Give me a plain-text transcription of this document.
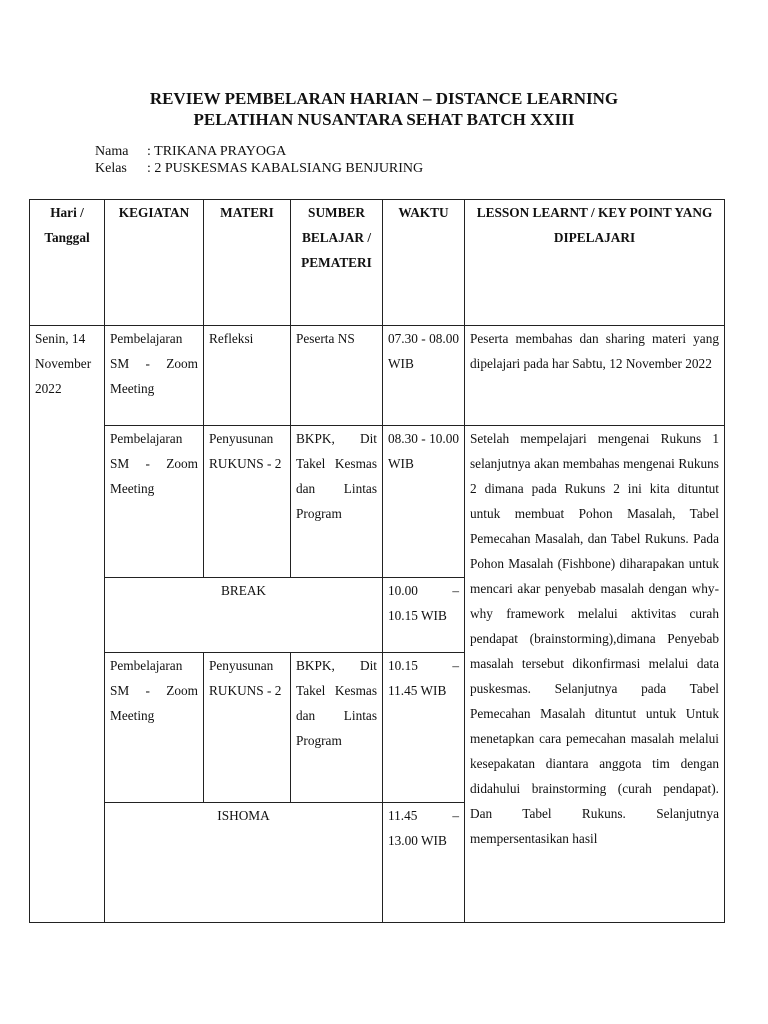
REVIEW PEMBELARAN HARIAN – DISTANCE LEARNING
PELATIHAN NUSANTARA SEHAT BATCH XXIII
Nama : TRIKANA PRAYOGA
Kelas : 2 PUSKESMAS KABALSIANG BENJURING
Hari / Tanggal	KEGIATAN	MATERI	SUMBER BELAJAR / PEMATERI	WAKTU	LESSON LEARNT / KEY POINT YANG DIPELAJARI
Senin, 14 November 2022	Pembelajaran SM - Zoom Meeting	Refleksi	Peserta NS	07.30 - 08.00 WIB	Peserta membahas dan sharing materi yang dipelajari pada har Sabtu, 12 November 2022
	Pembelajaran SM - Zoom Meeting	Penyusunan RUKUNS - 2	BKPK, Dit Takel Kesmas dan Lintas Program	08.30 - 10.00 WIB	Setelah mempelajari mengenai Rukuns 1 selanjutnya akan membahas mengenai Rukuns 2 dimana pada Rukuns 2 ini kita dituntut untuk membuat Pohon Masalah, Tabel Pemecahan Masalah, dan Tabel Rukuns. Pada Pohon Masalah (Fishbone) diharapakan untuk mencari akar penyebab masalah dengan why-why framework melalui aktivitas curah pendapat (brainstorming),dimana Penyebab masalah tersebut dikonfirmasi melalui data puskesmas. Selanjutnya pada Tabel Pemecahan Masalah dituntut untuk Untuk menetapkan cara pemecahan masalah melalui kesepakatan diantara anggota tim dengan didahului brainstorming (curah pendapat). Dan Tabel Rukuns. Selanjutnya mempersentasikan hasil
	BREAK			10.00 – 10.15 WIB	
	Pembelajaran SM - Zoom Meeting	Penyusunan RUKUNS - 2	BKPK, Dit Takel Kesmas dan Lintas Program	10.15 – 11.45 WIB	
	ISHOMA			11.45 – 13.00 WIB	
